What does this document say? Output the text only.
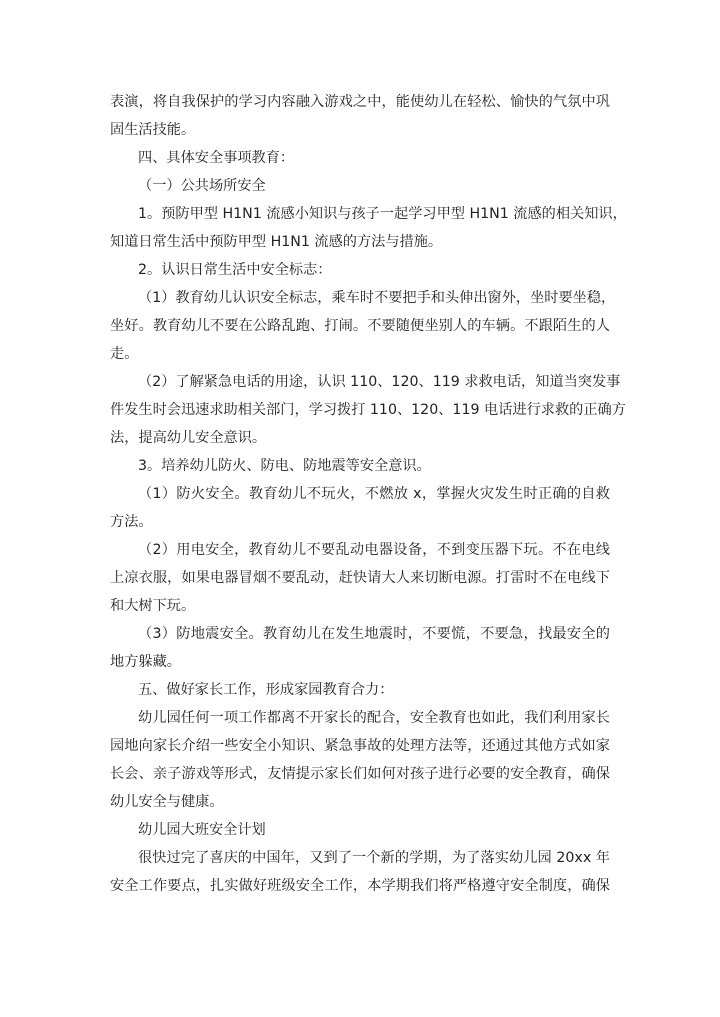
表演，将自我保护的学习内容融入游戏之中，能使幼儿在轻松、愉快的气氛中巩
固生活技能。
四、具体安全事项教育：
（一）公共场所安全
1。预防甲型 H1N1 流感小知识与孩子一起学习甲型 H1N1 流感的相关知识，
知道日常生活中预防甲型 H1N1 流感的方法与措施。
2。认识日常生活中安全标志：
（1）教育幼儿认识安全标志，乘车时不要把手和头伸出窗外，坐时要坐稳，
坐好。教育幼儿不要在公路乱跑、打闹。不要随便坐别人的车辆。不跟陌生的人
走。
（2）了解紧急电话的用途，认识 110、120、119 求救电话，知道当突发事
件发生时会迅速求助相关部门，学习拨打 110、120、119 电话进行求救的正确方
法，提高幼儿安全意识。
3。培养幼儿防火、防电、防地震等安全意识。
（1）防火安全。教育幼儿不玩火，不燃放 x，掌握火灾发生时正确的自救
方法。
（2）用电安全，教育幼儿不要乱动电器设备，不到变压器下玩。不在电线
上凉衣服，如果电器冒烟不要乱动，赶快请大人来切断电源。打雷时不在电线下
和大树下玩。
（3）防地震安全。教育幼儿在发生地震时，不要慌，不要急，找最安全的
地方躲藏。
五、做好家长工作，形成家园教育合力：
幼儿园任何一项工作都离不开家长的配合，安全教育也如此，我们利用家长
园地向家长介绍一些安全小知识、紧急事故的处理方法等，还通过其他方式如家
长会、亲子游戏等形式，友情提示家长们如何对孩子进行必要的安全教育，确保
幼儿安全与健康。
幼儿园大班安全计划
很快过完了喜庆的中国年，又到了一个新的学期，为了落实幼儿园 20xx 年
安全工作要点，扎实做好班级安全工作，本学期我们将严格遵守安全制度，确保
